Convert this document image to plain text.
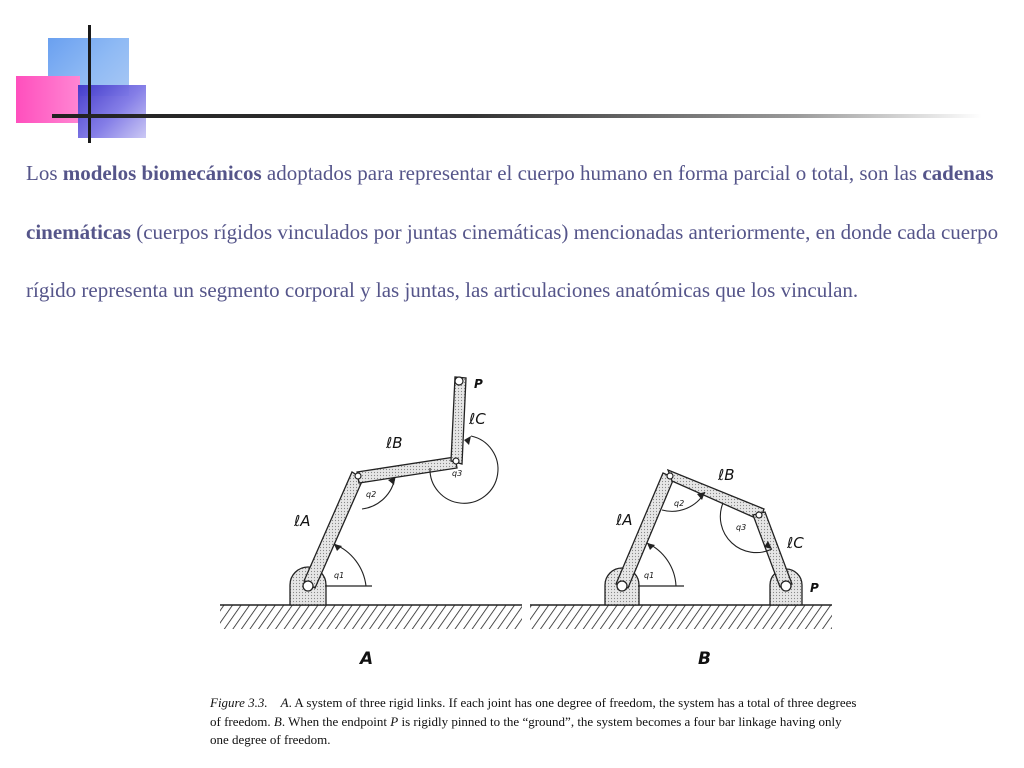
Los modelos biomecánicos adoptados para representar el cuerpo humano en forma parcial o total, son las cadenas cinemáticas (cuerpos rígidos vinculados por juntas cinemáticas) mencionadas anteriormente, en donde cada cuerpo rígido representa un segmento corporal y las juntas, las articulaciones anatómicas que los vinculan.

P
ℓC
ℓB
ℓA
q1
q2
q3
A
P
ℓC
ℓB
ℓA
q1
q2
q3
B

Figure 3.3. A. A system of three rigid links. If each joint has one degree of freedom, the system has a total of three degrees of freedom. B. When the endpoint P is rigidly pinned to the “ground”, the system becomes a four bar linkage having only one degree of freedom.
